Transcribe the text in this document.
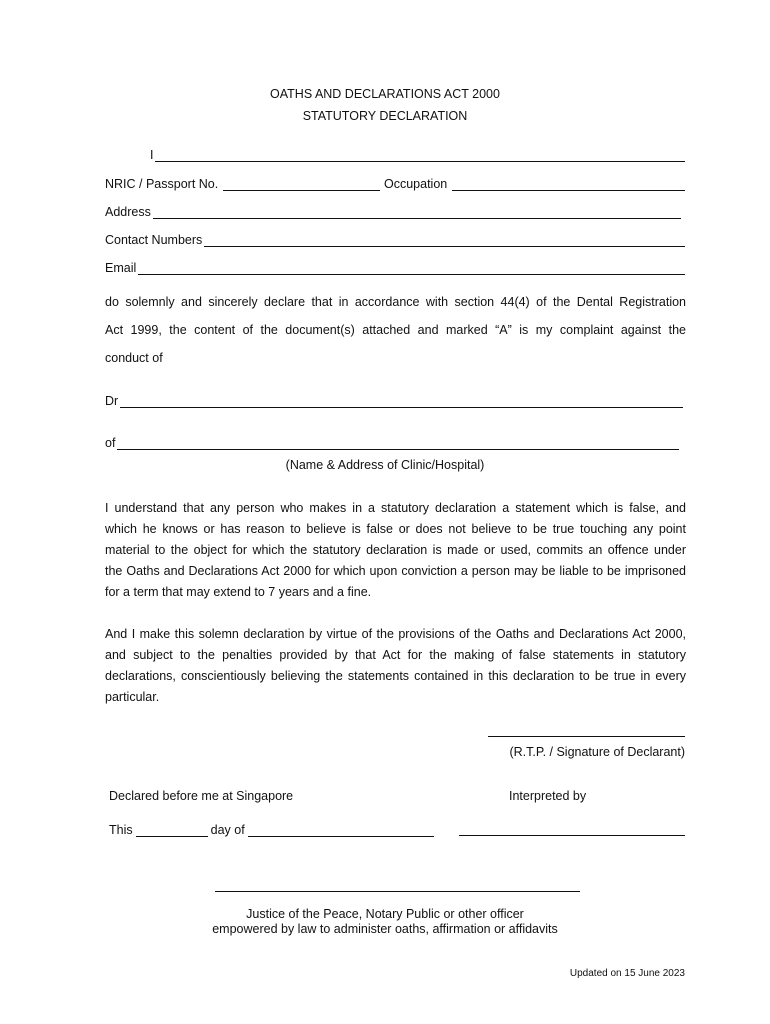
OATHS AND DECLARATIONS ACT 2000
STATUTORY DECLARATION
I
NRIC / Passport No.	Occupation
Address
Contact Numbers
Email
do solemnly and sincerely declare that in accordance with section 44(4) of the Dental Registration
Act 1999, the content of the document(s) attached and marked “A” is my complaint against the
conduct of
Dr
of
(Name & Address of Clinic/Hospital)
I understand that any person who makes in a statutory declaration a statement which is false, and
which he knows or has reason to believe is false or does not believe to be true touching any point
material to the object for which the statutory declaration is made or used, commits an offence under
the Oaths and Declarations Act 2000 for which upon conviction a person may be liable to be imprisoned
for a term that may extend to 7 years and a fine.
And I make this solemn declaration by virtue of the provisions of the Oaths and Declarations Act 2000,
and subject to the penalties provided by that Act for the making of false statements in statutory
declarations, conscientiously believing the statements contained in this declaration to be true in every
particular.
(R.T.P. / Signature of Declarant)
Declared before me at Singapore	Interpreted by
This	day of
Justice of the Peace, Notary Public or other officer
empowered by law to administer oaths, affirmation or affidavits
Updated on 15 June 2023
